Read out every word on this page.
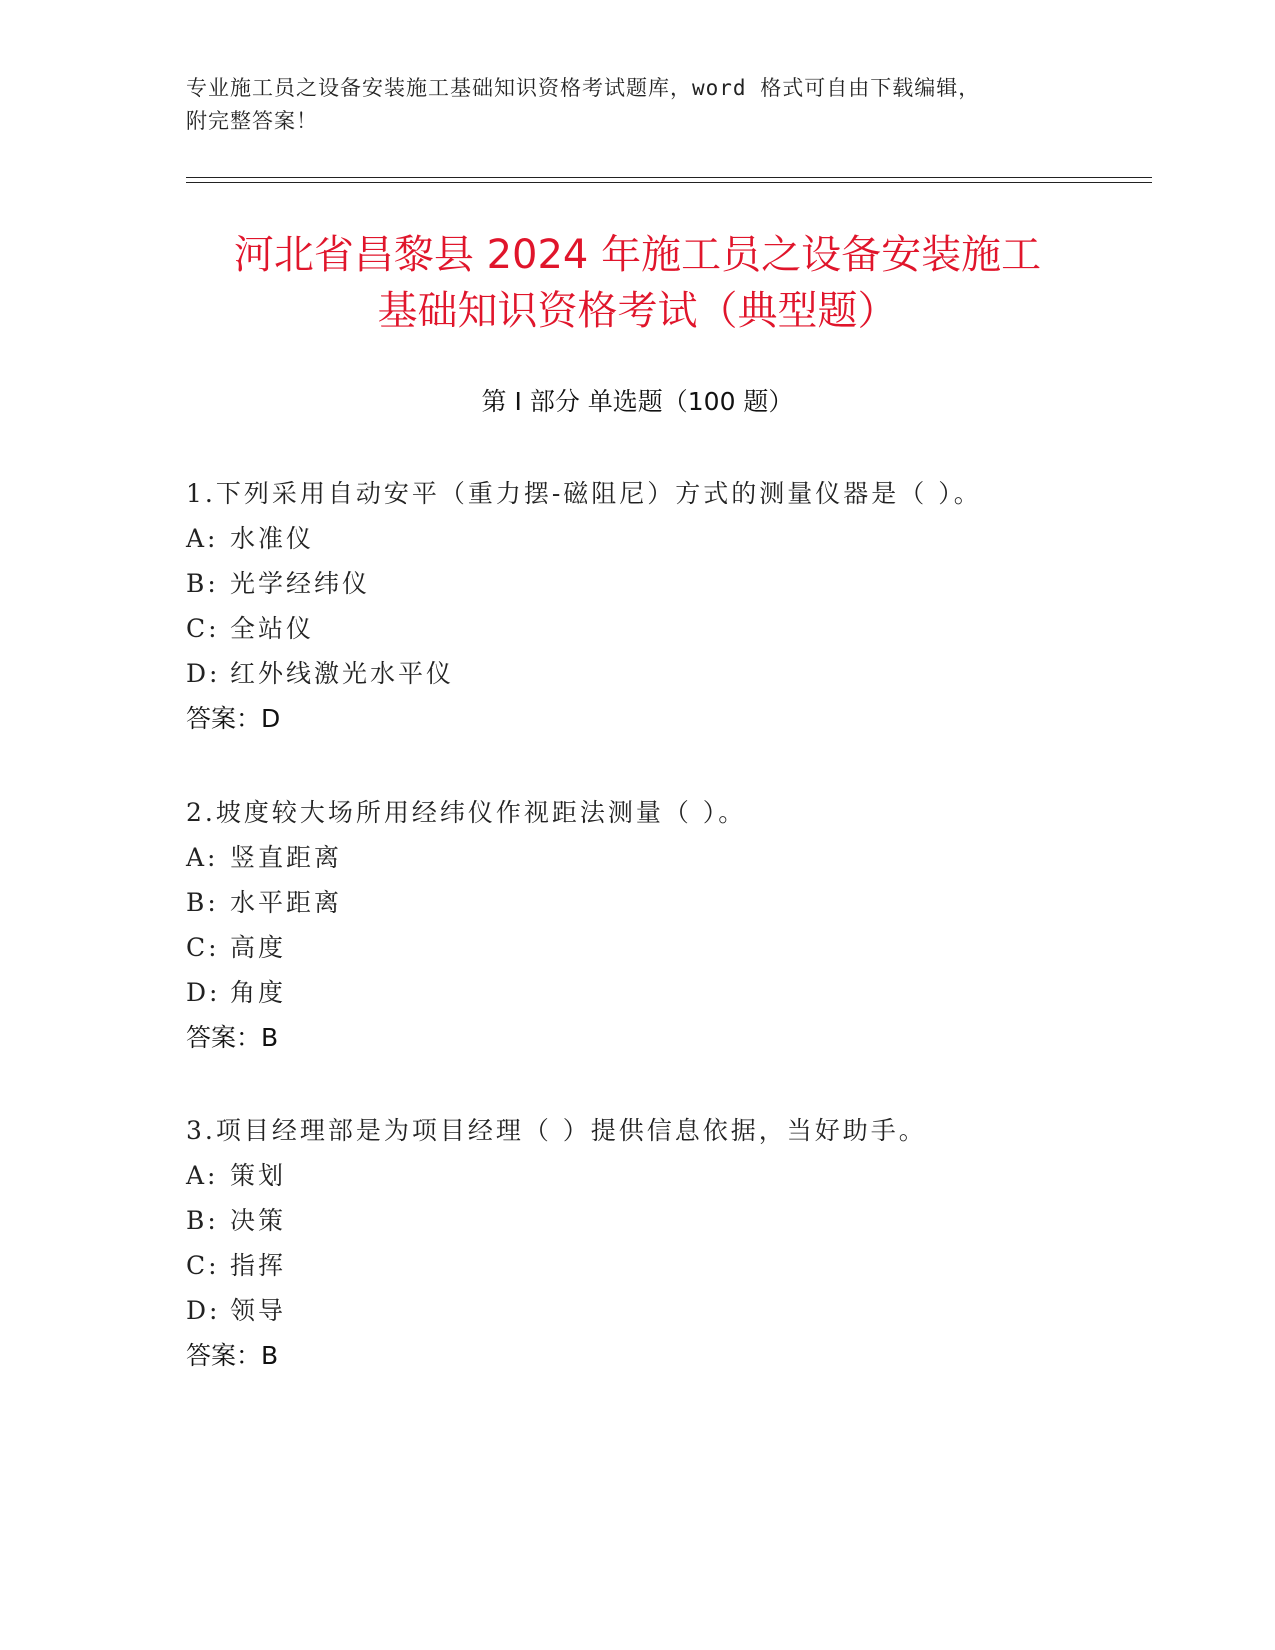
专业施工员之设备安装施工基础知识资格考试题库，word 格式可自由下载编辑，
附完整答案！
河北省昌黎县 2024 年施工员之设备安装施工
基础知识资格考试（典型题）
第 I 部分 单选题（100 题）
1.下列采用自动安平（重力摆-磁阻尼）方式的测量仪器是（ ）。
A: 水准仪
B: 光学经纬仪
C: 全站仪
D: 红外线激光水平仪
答案：D
2.坡度较大场所用经纬仪作视距法测量（ ）。
A: 竖直距离
B: 水平距离
C: 高度
D: 角度
答案：B
3.项目经理部是为项目经理（ ）提供信息依据，当好助手。
A: 策划
B: 决策
C: 指挥
D: 领导
答案：B
